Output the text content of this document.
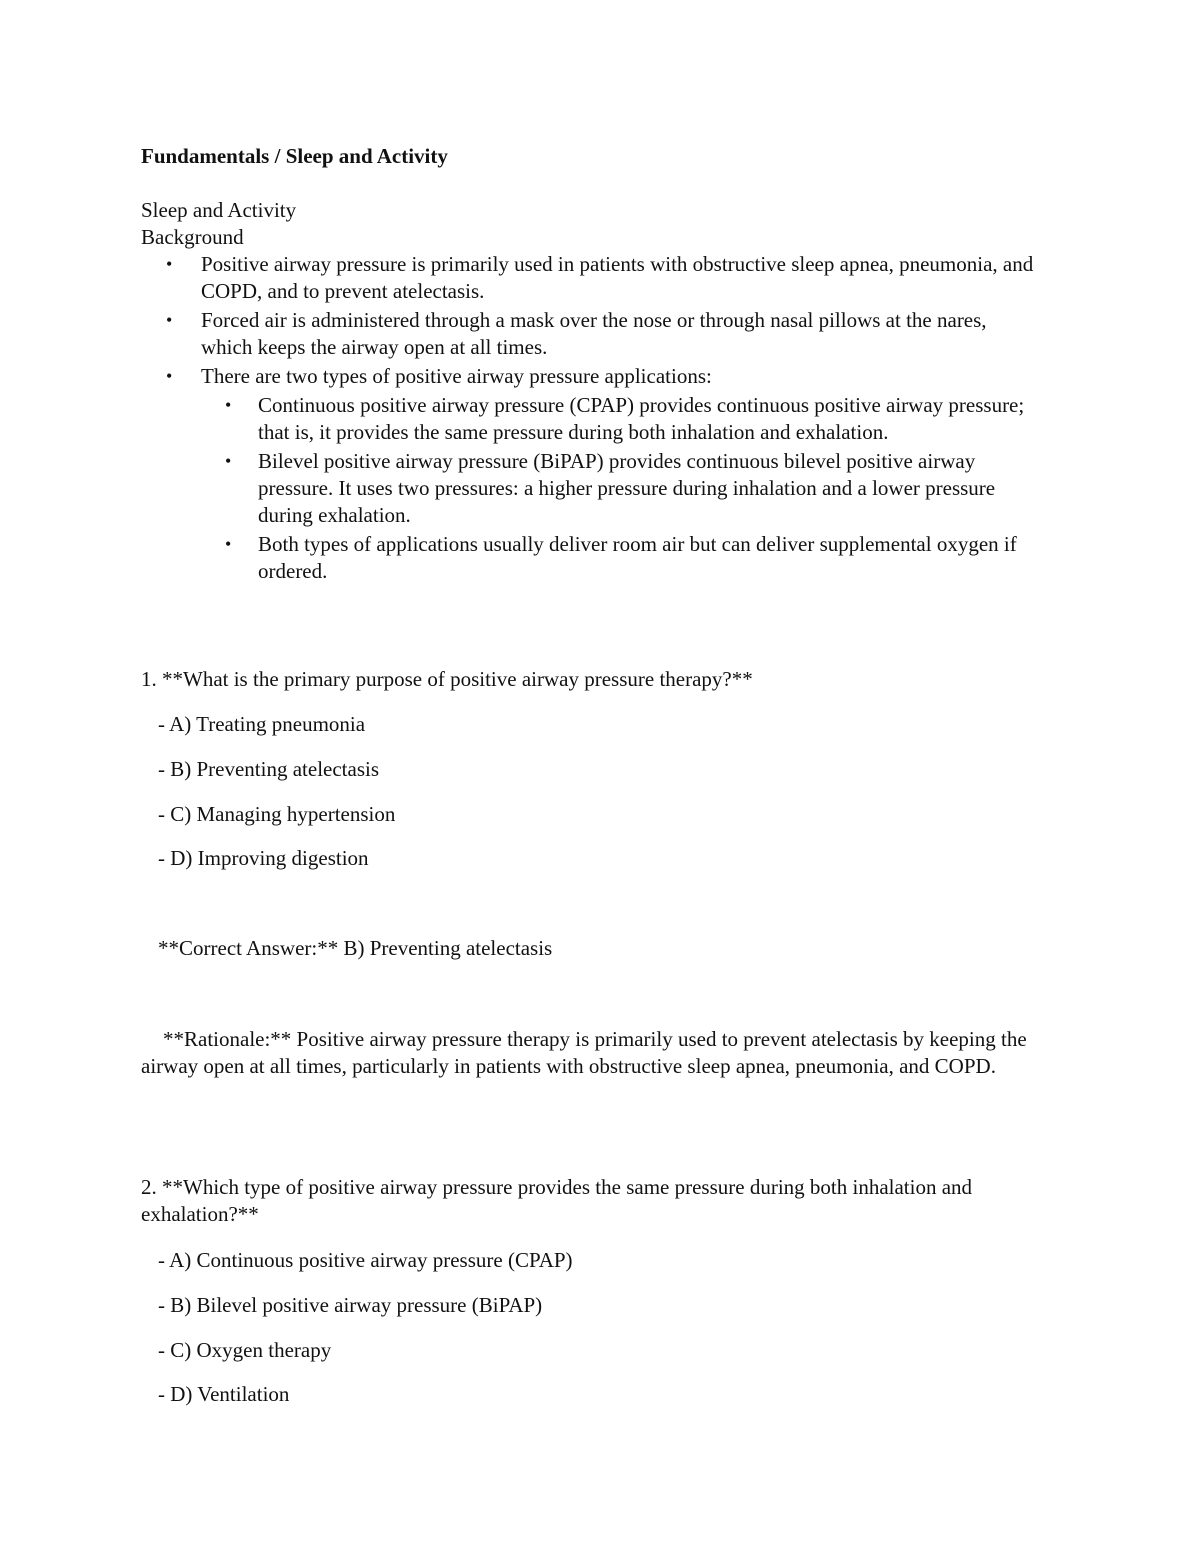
Fundamentals / Sleep and Activity

Sleep and Activity

Background

• Positive airway pressure is primarily used in patients with obstructive sleep apnea, pneumonia, and COPD, and to prevent atelectasis.
• Forced air is administered through a mask over the nose or through nasal pillows at the nares, which keeps the airway open at all times.
• There are two types of positive airway pressure applications:
• Continuous positive airway pressure (CPAP) provides continuous positive airway pressure; that is, it provides the same pressure during both inhalation and exhalation.
• Bilevel positive airway pressure (BiPAP) provides continuous bilevel positive airway pressure. It uses two pressures: a higher pressure during inhalation and a lower pressure during exhalation.
• Both types of applications usually deliver room air but can deliver supplemental oxygen if ordered.

1. **What is the primary purpose of positive airway pressure therapy?**

- A) Treating pneumonia

- B) Preventing atelectasis

- C) Managing hypertension

- D) Improving digestion

**Correct Answer:** B) Preventing atelectasis

**Rationale:** Positive airway pressure therapy is primarily used to prevent atelectasis by keeping the airway open at all times, particularly in patients with obstructive sleep apnea, pneumonia, and COPD.

2. **Which type of positive airway pressure provides the same pressure during both inhalation and exhalation?**

- A) Continuous positive airway pressure (CPAP)

- B) Bilevel positive airway pressure (BiPAP)

- C) Oxygen therapy

- D) Ventilation
